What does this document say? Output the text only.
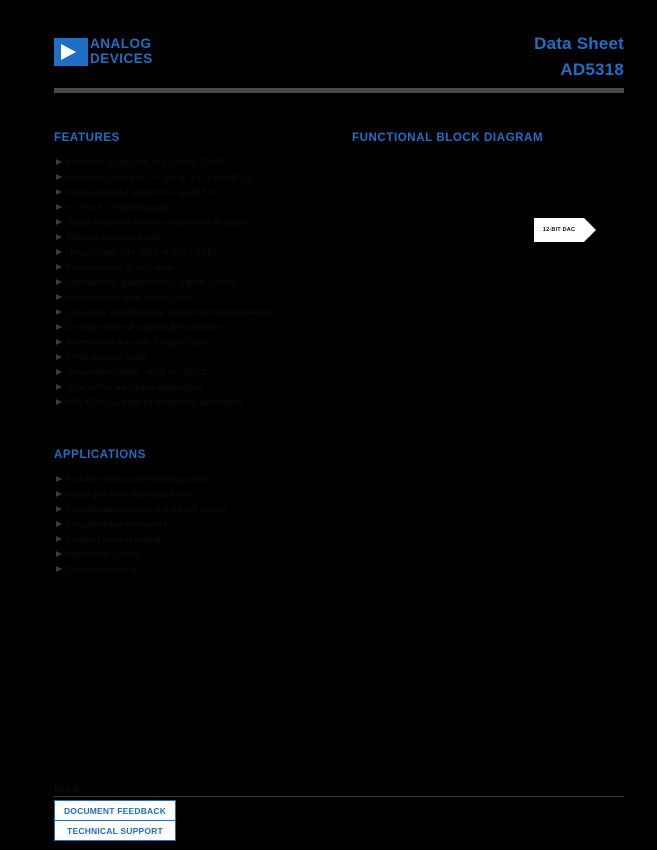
ANALOG
DEVICES
Data Sheet
AD5318
FEATURES
8-channel, 10-bit DAC in a 16-lead TSSOP
Low power operation: 0.7 mA @ 3 V, 1 mA @ 5 V
Power-down to 1 µA @ 3 V, 2 µA @ 5 V
2.5 V to 5.5 V power supply
Guaranteed monotonic by design over all codes
Buffered reference inputs
Output range: 0 to VREF or 0 to 2 VREF
Power-on reset to zero scale
Simultaneous update of DAC outputs (LDAC)
Asynchronous clear facility (CLR)
Low power serial interface with Schmitt-triggered inputs
On-chip rail-to-rail output buffer amplifiers
Reference buffers with 2 V gain option
SYNC interrupt facility
Temperature range: −40°C to +105°C
Qualified for automotive applications
AEC-Q100 qualified for automotive applications
APPLICATIONS
Portable battery-powered instruments
Digital gain and offset adjustment
Programmable voltage and current sources
Programmable attenuators
Industrial process control
Automotive systems
Optical networking
FUNCTIONAL BLOCK DIAGRAM
12-BIT DAC
Rev. B
DOCUMENT FEEDBACK
TECHNICAL SUPPORT
